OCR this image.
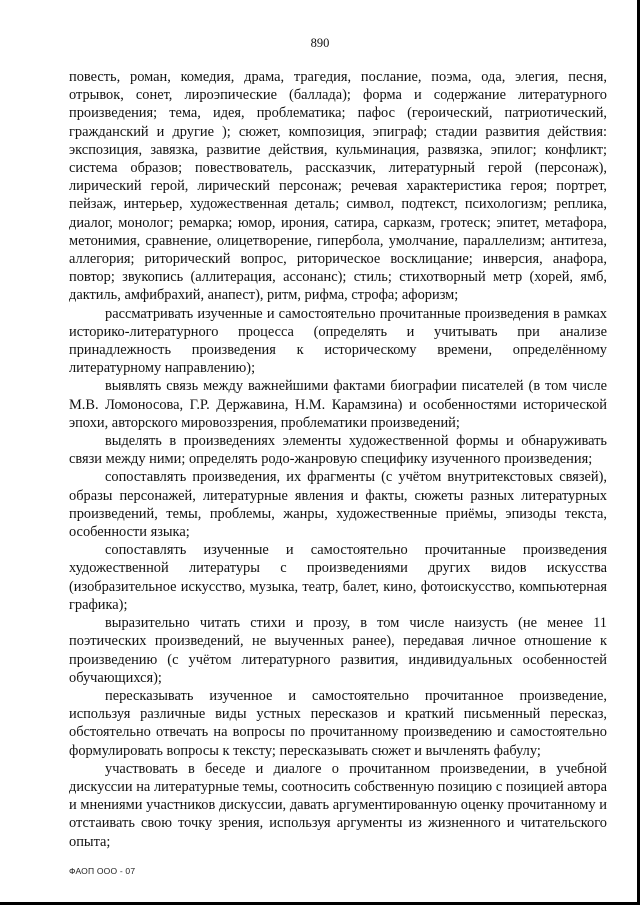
890

повесть, роман, комедия, драма, трагедия, послание, поэма, ода, элегия, песня, отрывок, сонет, лироэпические (баллада); форма и содержание литературного произведения; тема, идея, проблематика; пафос (героический, патриотический, гражданский и другие ); сюжет, композиция, эпиграф; стадии развития действия: экспозиция, завязка, развитие действия, кульминация, развязка, эпилог; конфликт; система образов; повествователь, рассказчик, литературный герой (персонаж), лирический герой, лирический персонаж; речевая характеристика героя; портрет, пейзаж, интерьер, художественная деталь; символ, подтекст, психологизм; реплика, диалог, монолог; ремарка; юмор, ирония, сатира, сарказм, гротеск; эпитет, метафора, метонимия, сравнение, олицетворение, гипербола, умолчание, параллелизм; антитеза, аллегория; риторический вопрос, риторическое восклицание; инверсия, анафора, повтор; звукопись (аллитерация, ассонанс); стиль; стихотворный метр (хорей, ямб, дактиль, амфибрахий, анапест), ритм, рифма, строфа; афоризм;

рассматривать изученные и самостоятельно прочитанные произведения в рамках историко-литературного процесса (определять и учитывать при анализе принадлежность произведения к историческому времени, определённому литературному направлению);

выявлять связь между важнейшими фактами биографии писателей (в том числе М.В. Ломоносова, Г.Р. Державина, Н.М. Карамзина) и особенностями исторической эпохи, авторского мировоззрения, проблематики произведений;

выделять в произведениях элементы художественной формы и обнаруживать связи между ними; определять родо-жанровую специфику изученного произведения;

сопоставлять произведения, их фрагменты (с учётом внутритекстовых связей), образы персонажей, литературные явления и факты, сюжеты разных литературных произведений, темы, проблемы, жанры, художественные приёмы, эпизоды текста, особенности языка;

сопоставлять изученные и самостоятельно прочитанные произведения художественной литературы с произведениями других видов искусства (изобразительное искусство, музыка, театр, балет, кино, фотоискусство, компьютерная графика);

выразительно читать стихи и прозу, в том числе наизусть (не менее 11 поэтических произведений, не выученных ранее), передавая личное отношение к произведению (с учётом литературного развития, индивидуальных особенностей обучающихся);

пересказывать изученное и самостоятельно прочитанное произведение, используя различные виды устных пересказов и краткий письменный пересказ, обстоятельно отвечать на вопросы по прочитанному произведению и самостоятельно формулировать вопросы к тексту; пересказывать сюжет и вычленять фабулу;

участвовать в беседе и диалоге о прочитанном произведении, в учебной дискуссии на литературные темы, соотносить собственную позицию с позицией автора и мнениями участников дискуссии, давать аргументированную оценку прочитанному и отстаивать свою точку зрения, используя аргументы из жизненного и читательского опыта;

ФАОП ООО - 07
